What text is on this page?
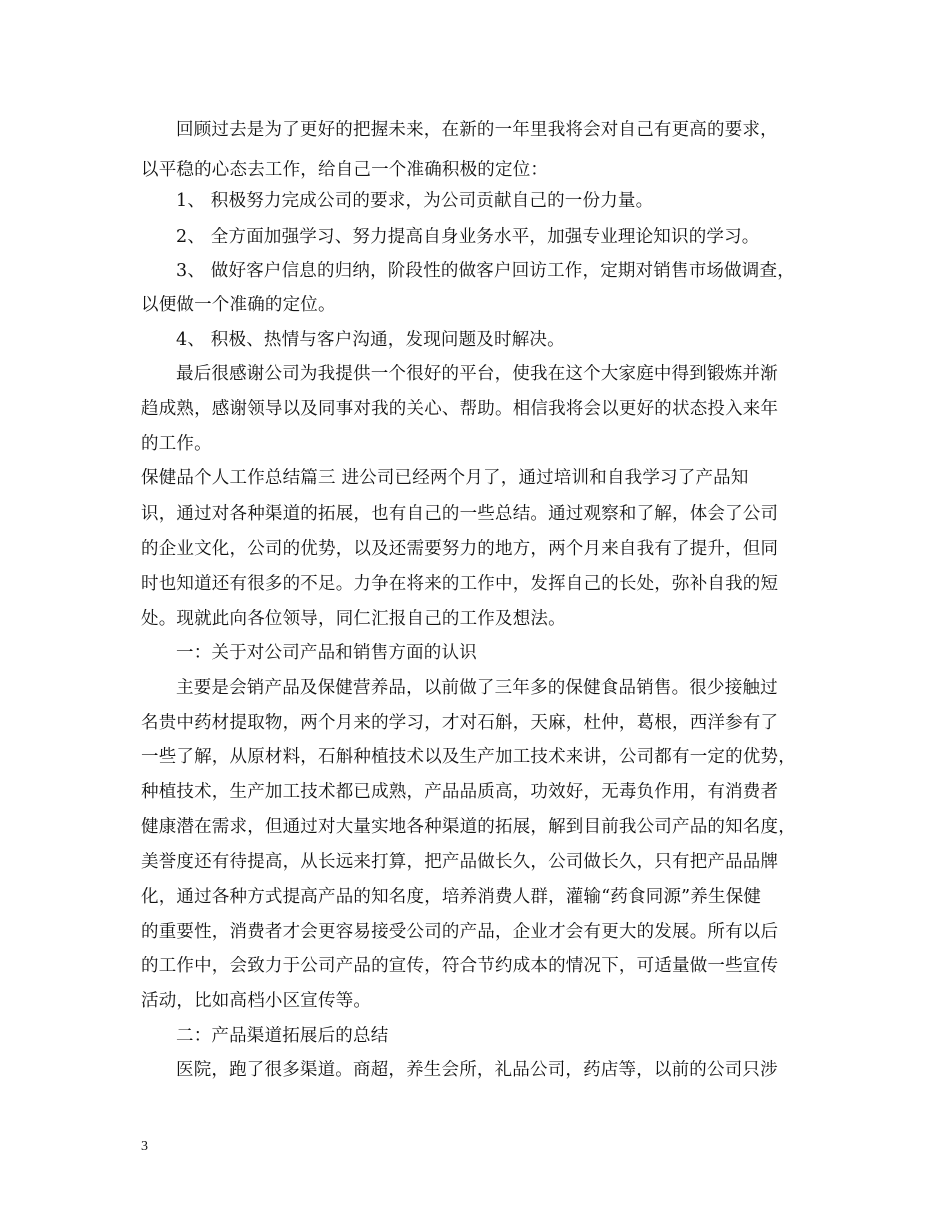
回顾过去是为了更好的把握未来，在新的一年里我将会对自己有更高的要求，
以平稳的心态去工作，给自己一个准确积极的定位：
1、 积极努力完成公司的要求，为公司贡献自己的一份力量。
2、 全方面加强学习、努力提高自身业务水平，加强专业理论知识的学习。
3、 做好客户信息的归纳，阶段性的做客户回访工作，定期对销售市场做调查，
以便做一个准确的定位。
4、 积极、热情与客户沟通，发现问题及时解决。
最后很感谢公司为我提供一个很好的平台，使我在这个大家庭中得到锻炼并渐
趋成熟，感谢领导以及同事对我的关心、帮助。相信我将会以更好的状态投入来年
的工作。
保健品个人工作总结篇三 进公司已经两个月了，通过培训和自我学习了产品知
识，通过对各种渠道的拓展，也有自己的一些总结。通过观察和了解，体会了公司
的企业文化，公司的优势，以及还需要努力的地方，两个月来自我有了提升，但同
时也知道还有很多的不足。力争在将来的工作中，发挥自己的长处，弥补自我的短
处。现就此向各位领导，同仁汇报自己的工作及想法。
一：关于对公司产品和销售方面的认识
主要是会销产品及保健营养品，以前做了三年多的保健食品销售。很少接触过
名贵中药材提取物，两个月来的学习，才对石斛，天麻，杜仲，葛根，西洋参有了
一些了解，从原材料，石斛种植技术以及生产加工技术来讲，公司都有一定的优势，
种植技术，生产加工技术都已成熟，产品品质高，功效好，无毒负作用，有消费者
健康潜在需求，但通过对大量实地各种渠道的拓展，解到目前我公司产品的知名度，
美誉度还有待提高，从长远来打算，把产品做长久，公司做长久，只有把产品品牌
化，通过各种方式提高产品的知名度，培养消费人群，灌输“药食同源”养生保健
的重要性，消费者才会更容易接受公司的产品，企业才会有更大的发展。所有以后
的工作中，会致力于公司产品的宣传，符合节约成本的情况下，可适量做一些宣传
活动，比如高档小区宣传等。
二：产品渠道拓展后的总结
医院，跑了很多渠道。商超，养生会所，礼品公司，药店等，以前的公司只涉
3
